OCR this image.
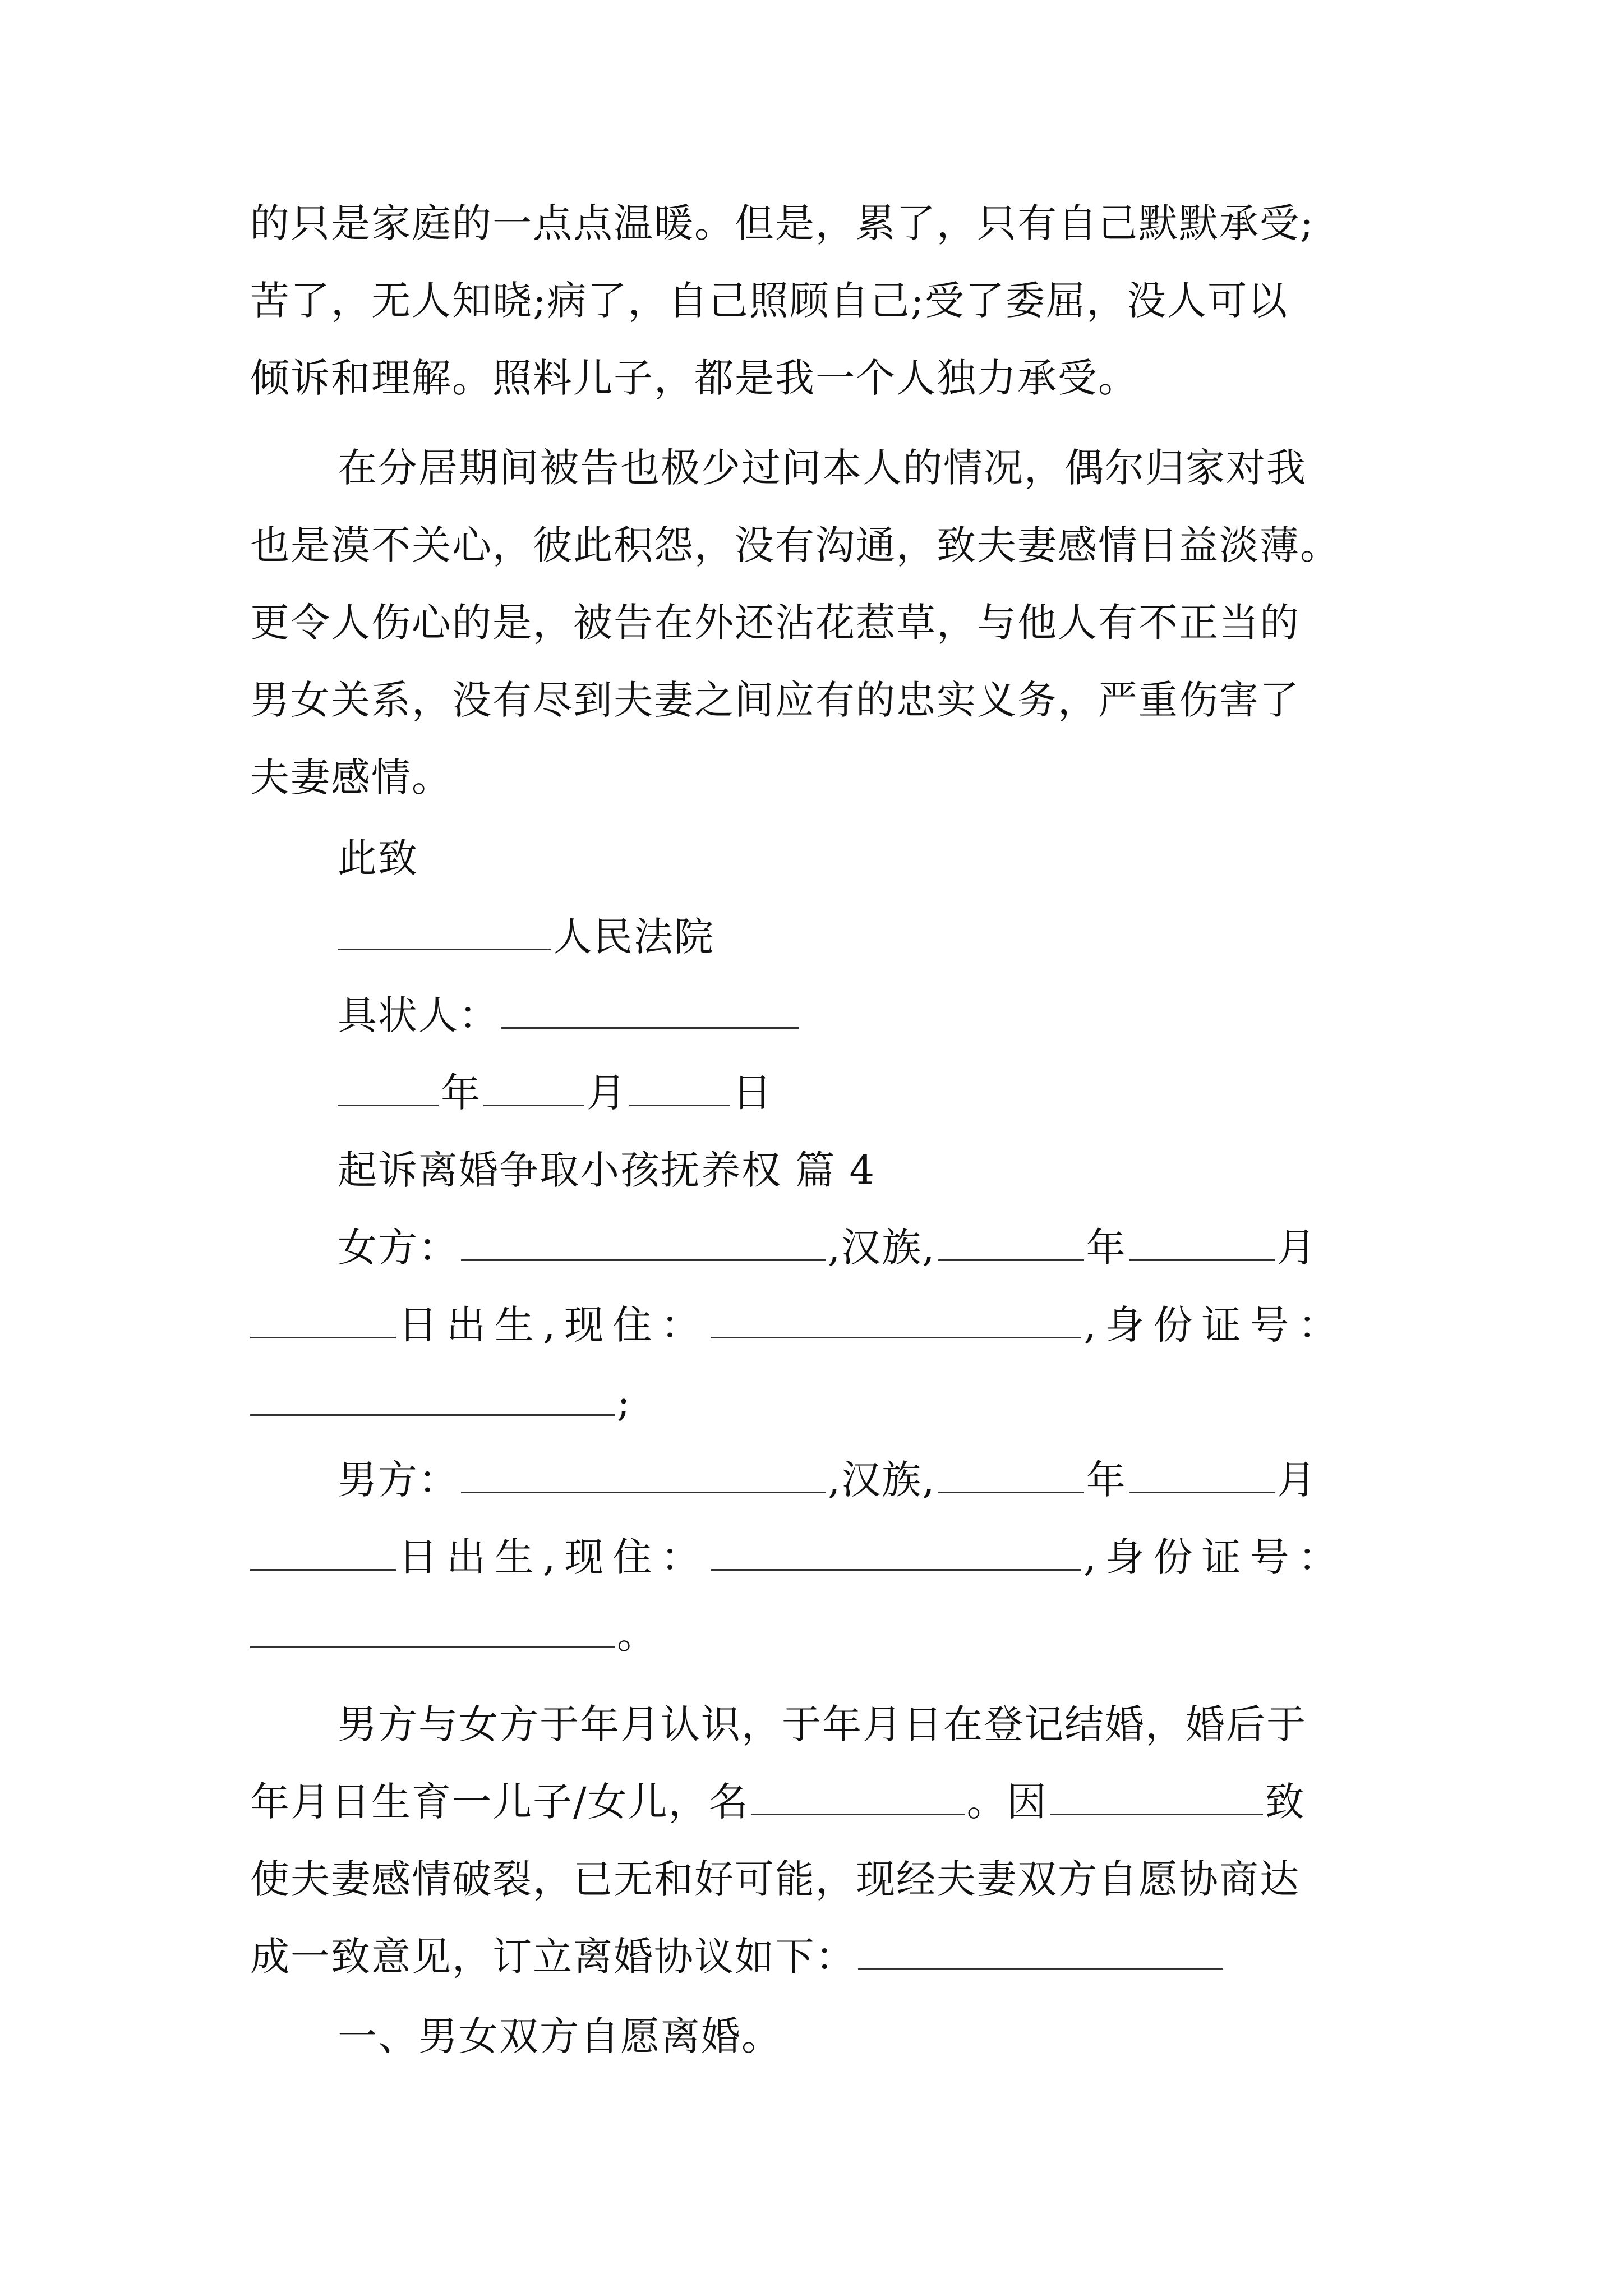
的只是家庭的一点点温暖。但是，累了，只有自己默默承受;
苦了，无人知晓;病了，自己照顾自己;受了委屈，没人可以
倾诉和理解。照料儿子，都是我一个人独力承受。
在分居期间被告也极少过问本人的情况，偶尔归家对我
也是漠不关心，彼此积怨，没有沟通，致夫妻感情日益淡薄。
更令人伤心的是，被告在外还沾花惹草，与他人有不正当的
男女关系，没有尽到夫妻之间应有的忠实义务，严重伤害了
夫妻感情。
此致
人民法院
具状人：
年	月	日
起诉离婚争取小孩抚养权 篇 4
女方：	,汉族,	年	月
日出生,现住：	,身份证号：
;
男方：	,汉族,	年	月
日出生,现住：	,身份证号：
。
男方与女方于年月认识，于年月日在登记结婚，婚后于
年月日生育一儿子/女儿，名	。因	致
使夫妻感情破裂，已无和好可能，现经夫妻双方自愿协商达
成一致意见，订立离婚协议如下：
一、男女双方自愿离婚。
